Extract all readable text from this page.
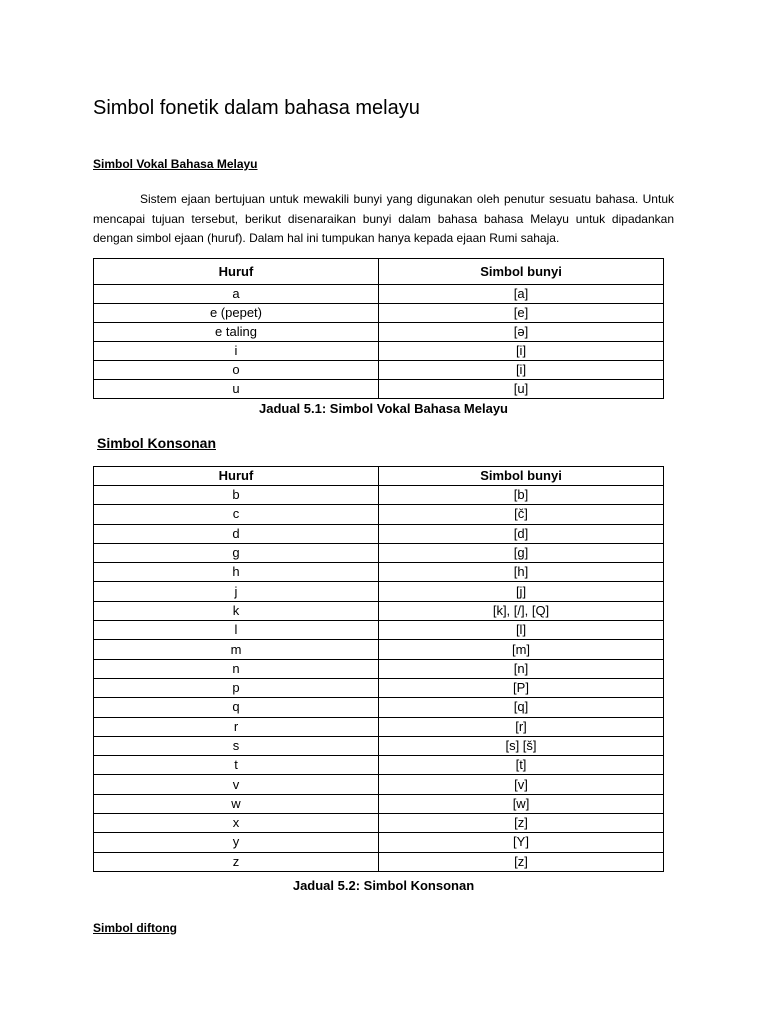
Simbol fonetik dalam bahasa melayu

Simbol Vokal Bahasa Melayu

Sistem ejaan bertujuan untuk mewakili bunyi yang digunakan oleh penutur sesuatu bahasa. Untuk mencapai tujuan tersebut, berikut disenaraikan bunyi dalam bahasa bahasa Melayu untuk dipadankan dengan simbol ejaan (huruf). Dalam hal ini tumpukan hanya kepada ejaan Rumi sahaja.

Huruf	Simbol bunyi
a	[a]
e (pepet)	[e]
e taling	[ə]
i	[i]
o	[i]
u	[u]

Jadual 5.1: Simbol Vokal Bahasa Melayu

Simbol Konsonan

Huruf	Simbol bunyi
b	[b]
c	[č]
d	[d]
g	[g]
h	[h]
j	[j]
k	[k], [/], [Q]
l	[l]
m	[m]
n	[n]
p	[P]
q	[q]
r	[r]
s	[s] [š]
t	[t]
v	[v]
w	[w]
x	[z]
y	[Y]
z	[z]

Jadual 5.2: Simbol Konsonan

Simbol diftong
